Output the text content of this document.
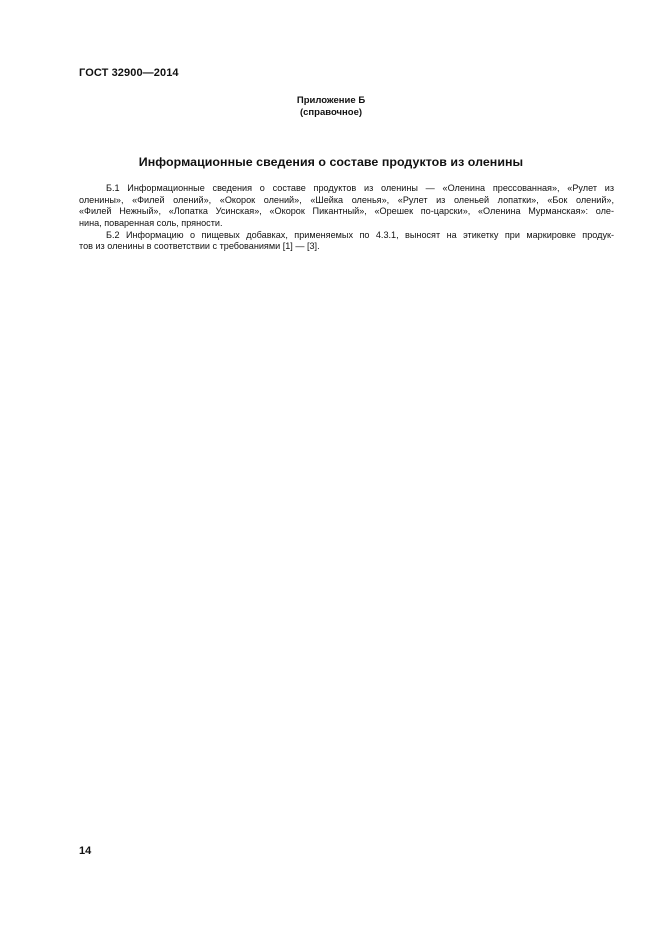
ГОСТ 32900—2014
Приложение Б
(справочное)
Информационные сведения о составе продуктов из оленины
Б.1 Информационные сведения о составе продуктов из оленины — «Оленина прессованная», «Рулет из
оленины», «Филей олений», «Окорок олений», «Шейка оленья», «Рулет из оленьей лопатки», «Бок олений»,
«Филей Нежный», «Лопатка Усинская», «Окорок Пикантный», «Орешек по-царски», «Оленина Мурманская»: оле-
нина, поваренная соль, пряности.
Б.2 Информацию о пищевых добавках, применяемых по 4.3.1, выносят на этикетку при маркировке продук-
тов из оленины в соответствии с требованиями [1] — [3].
14
